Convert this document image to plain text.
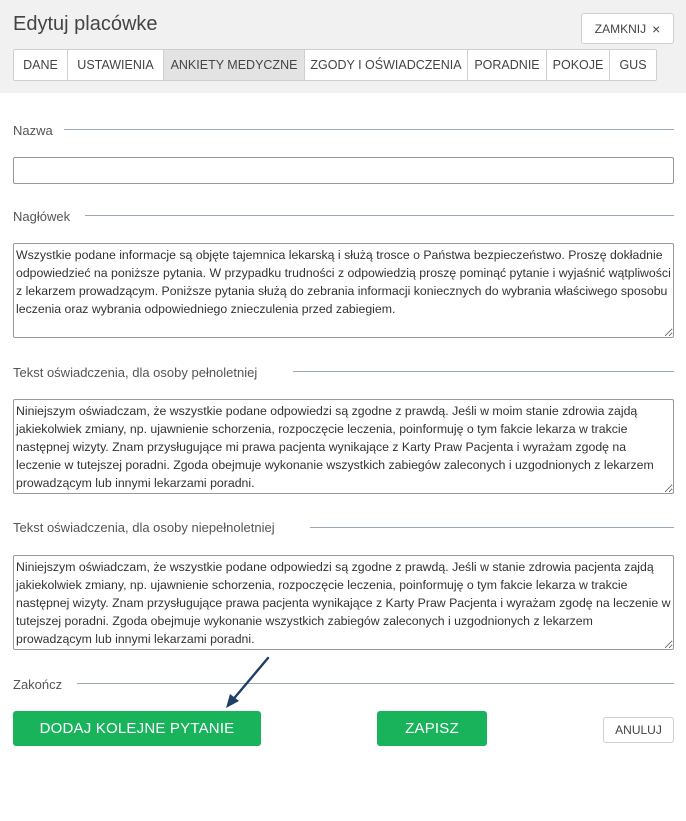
Edytuj placówke	ZAMKNIJ ×
DANE USTAWIENIA ANKIETY MEDYCZNE ZGODY I OŚWIADCZENIA PORADNIE POKOJE GUS
Nazwa
Nagłówek
Wszystkie podane informacje są objęte tajemnica lekarską i służą trosce o Państwa bezpieczeństwo. Proszę dokładnie odpowiedzieć na poniższe pytania. W przypadku trudności z odpowiedzią proszę pominąć pytanie i wyjaśnić wątpliwości z lekarzem prowadzącym. Poniższe pytania służą do zebrania informacji koniecznych do wybrania właściwego sposobu leczenia oraz wybrania odpowiedniego znieczulenia przed zabiegiem.
Tekst oświadczenia, dla osoby pełnoletniej
Niniejszym oświadczam, że wszystkie podane odpowiedzi są zgodne z prawdą. Jeśli w moim stanie zdrowia zajdą jakiekolwiek zmiany, np. ujawnienie schorzenia, rozpoczęcie leczenia, poinformuję o tym fakcie lekarza w trakcie następnej wizyty. Znam przysługujące mi prawa pacjenta wynikające z Karty Praw Pacjenta i wyrażam zgodę na leczenie w tutejszej poradni. Zgoda obejmuje wykonanie wszystkich zabiegów zaleconych i uzgodnionych z lekarzem prowadzącym lub innymi lekarzami poradni.
Tekst oświadczenia, dla osoby niepełnoletniej
Niniejszym oświadczam, że wszystkie podane odpowiedzi są zgodne z prawdą. Jeśli w stanie zdrowia pacjenta zajdą jakiekolwiek zmiany, np. ujawnienie schorzenia, rozpoczęcie leczenia, poinformuję o tym fakcie lekarza w trakcie następnej wizyty. Znam przysługujące prawa pacjenta wynikające z Karty Praw Pacjenta i wyrażam zgodę na leczenie w tutejszej poradni. Zgoda obejmuje wykonanie wszystkich zabiegów zaleconych i uzgodnionych z lekarzem prowadzącym lub innymi lekarzami poradni.
Zakończ
DODAJ KOLEJNE PYTANIE	ZAPISZ	ANULUJ
